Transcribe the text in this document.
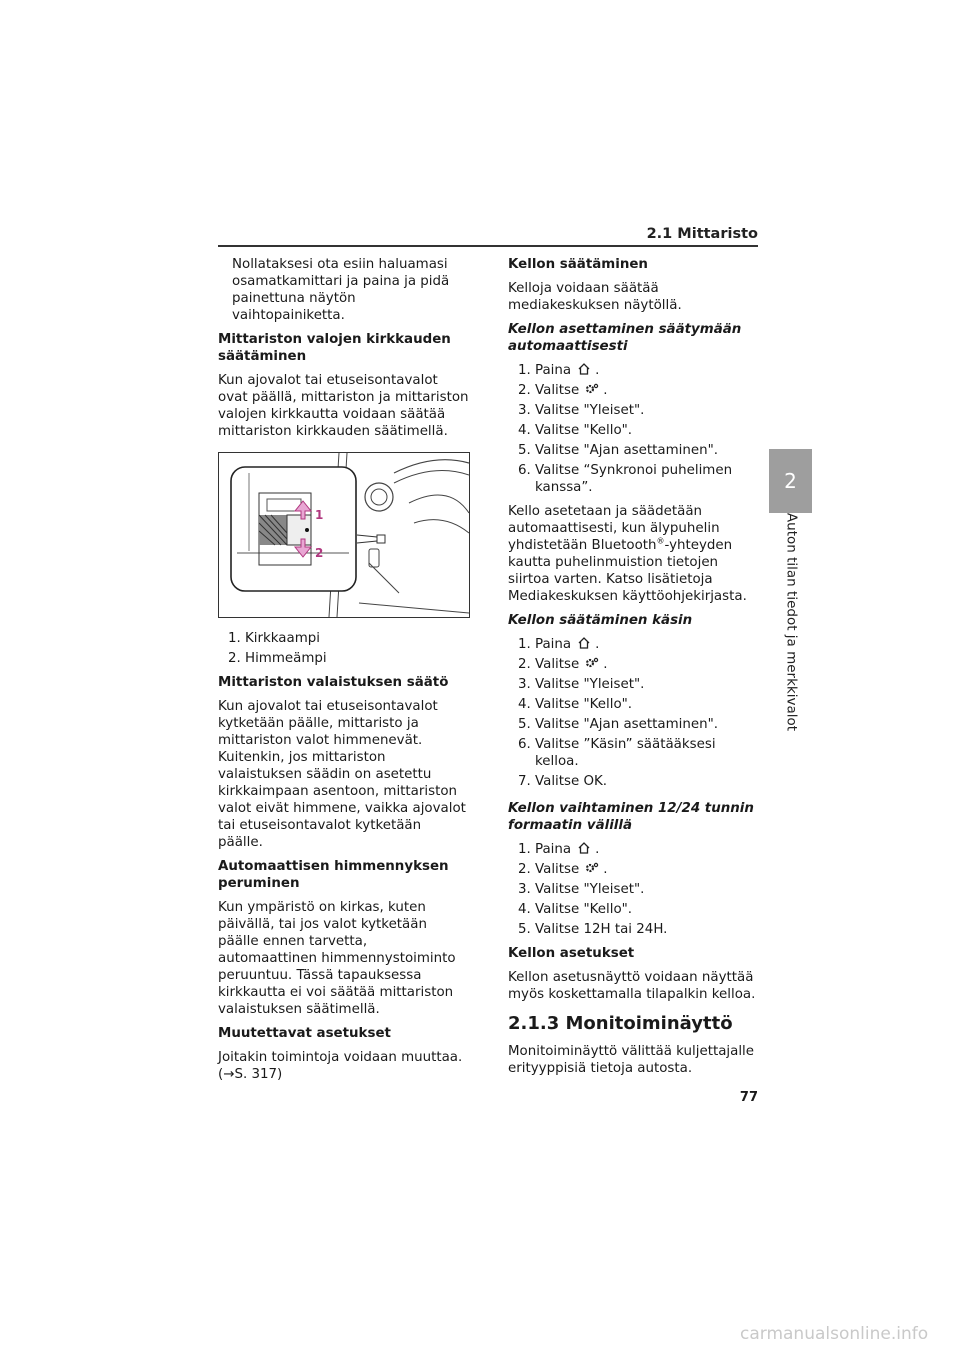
2.1 Mittaristo
2
Auton tilan tiedot ja merkkivalot

Nollataksesi ota esiin haluamasi osamatkamittari ja paina ja pidä painettuna näytön vaihtopainiketta.

Mittariston valojen kirkkauden säätäminen

Kun ajovalot tai etuseisontavalot ovat päällä, mittariston ja mittariston valojen kirkkautta voidaan säätää mittariston kirkkauden säätimellä.

1
2
1. Kirkkaampi
2. Himmeämpi

Mittariston valaistuksen säätö

Kun ajovalot tai etuseisontavalot kytketään päälle, mittaristo ja mittariston valot himmenevät. Kuitenkin, jos mittariston valaistuksen säädin on asetettu kirkkaimpaan asentoon, mittariston valot eivät himmene, vaikka ajovalot tai etuseisontavalot kytketään päälle.

Automaattisen himmennyksen peruminen

Kun ympäristö on kirkas, kuten päivällä, tai jos valot kytketään päälle ennen tarvetta, automaattinen himmennystoiminto peruuntuu. Tässä tapauksessa kirkkautta ei voi säätää mittariston valaistuksen säätimellä.

Muutettavat asetukset

Joitakin toimintoja voidaan muuttaa.
(→S. 317)

Kellon säätäminen

Kelloja voidaan säätää mediakeskuksen näytöllä.

Kellon asettaminen säätymään automaattisesti

1. Paina .
2. Valitse .
3. Valitse "Yleiset".
4. Valitse "Kello".
5. Valitse "Ajan asettaminen".
6. Valitse “Synkronoi puhelimen kanssa”.

Kello asetetaan ja säädetään automaattisesti, kun älypuhelin yhdistetään Bluetooth®-yhteyden kautta puhelinmuistion tietojen siirtoa varten. Katso lisätietoja Mediakeskuksen käyttöohjekirjasta.

Kellon säätäminen käsin

1. Paina .
2. Valitse .
3. Valitse "Yleiset".
4. Valitse "Kello".
5. Valitse "Ajan asettaminen".
6. Valitse ”Käsin” säätääksesi kelloa.
7. Valitse OK.

Kellon vaihtaminen 12/24 tunnin formaatin välillä

1. Paina .
2. Valitse .
3. Valitse "Yleiset".
4. Valitse "Kello".
5. Valitse 12H tai 24H.

Kellon asetukset

Kellon asetusnäyttö voidaan näyttää myös koskettamalla tilapalkin kelloa.

2.1.3 Monitoiminäyttö

Monitoiminäyttö välittää kuljettajalle erityyppisiä tietoja autosta.

77
carmanualsonline.info
